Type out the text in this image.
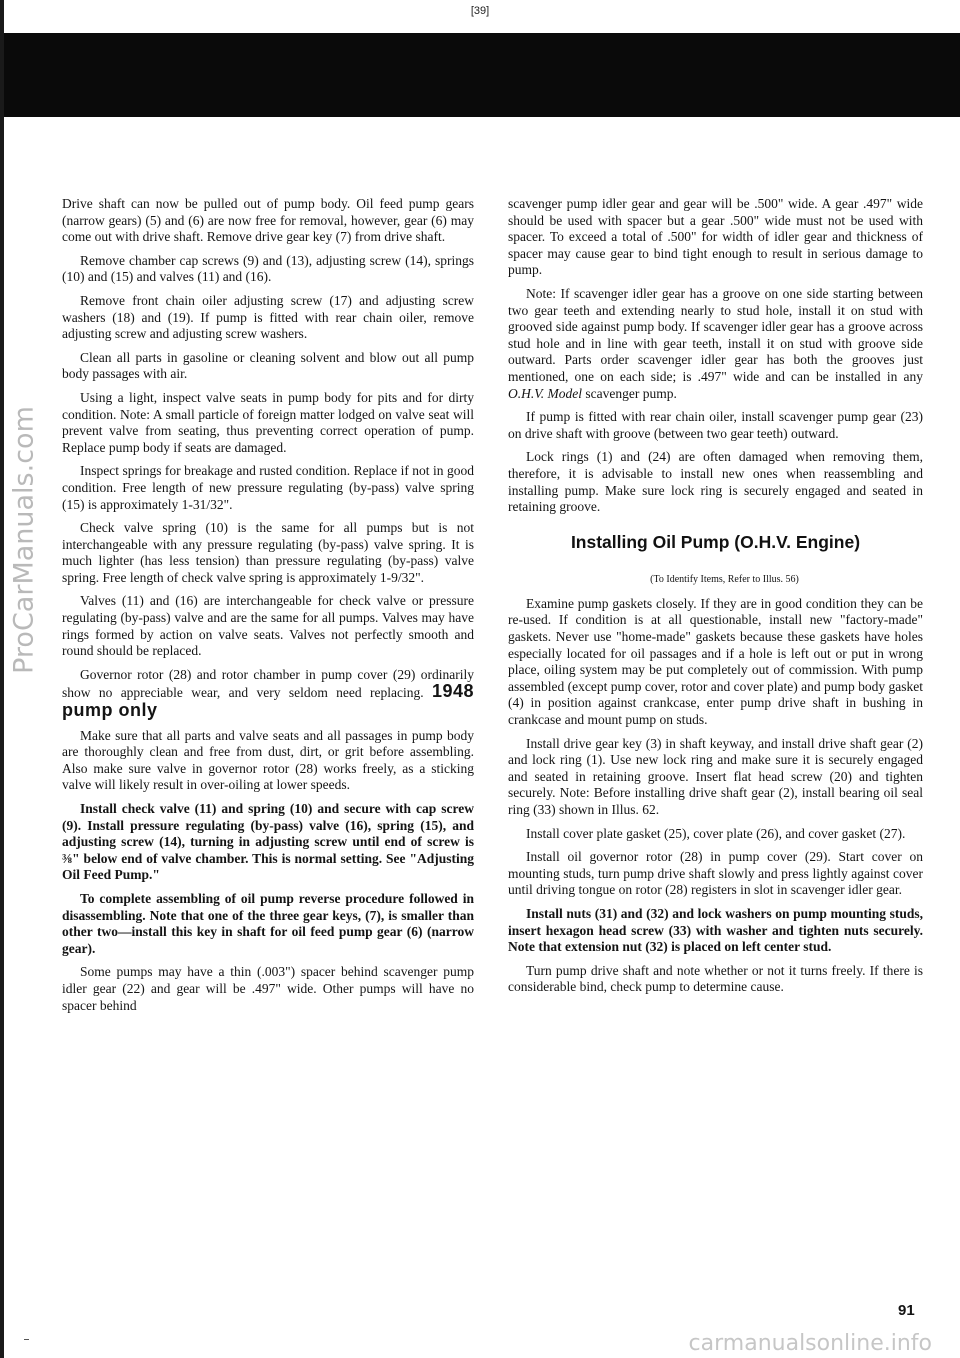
[39]
ProCarManuals.com

Drive shaft can now be pulled out of pump body. Oil feed pump gears (narrow gears) (5) and (6) are now free for removal, however, gear (6) may come out with drive shaft. Remove drive gear key (7) from drive shaft.

Remove chamber cap screws (9) and (13), adjusting screw (14), springs (10) and (15) and valves (11) and (16).

Remove front chain oiler adjusting screw (17) and adjusting screw washers (18) and (19). If pump is fitted with rear chain oiler, remove adjusting screw and adjusting screw washers.

Clean all parts in gasoline or cleaning solvent and blow out all pump body passages with air.

Using a light, inspect valve seats in pump body for pits and for dirty condition. Note: A small particle of foreign matter lodged on valve seat will prevent valve from seating, thus preventing correct operation of pump. Replace pump body if seats are damaged.

Inspect springs for breakage and rusted condition. Replace if not in good condition. Free length of new pressure regulating (by-pass) valve spring (15) is approximately 1-31/32".

Check valve spring (10) is the same for all pumps but is not interchangeable with any pressure regulating (by-pass) valve spring. It is much lighter (has less tension) than pressure regulating (by-pass) valve spring. Free length of check valve spring is approximately 1-9/32".

Valves (11) and (16) are interchangeable for check valve or pressure regulating (by-pass) valve and are the same for all pumps. Valves may have rings formed by action on valve seats. Valves not perfectly smooth and round should be replaced.

Governor rotor (28) and rotor chamber in pump cover (29) ordinarily show no appreciable wear, and very seldom need replacing. 1948 pump only

Make sure that all parts and valve seats and all passages in pump body are thoroughly clean and free from dust, dirt, or grit before assembling. Also make sure valve in governor rotor (28) works freely, as a sticking valve will likely result in over-oiling at lower speeds.

Install check valve (11) and spring (10) and secure with cap screw (9). Install pressure regulating (by-pass) valve (16), spring (15), and adjusting screw (14), turning in adjusting screw until end of screw is ⅜" below end of valve chamber. This is normal setting. See "Adjusting Oil Feed Pump."

To complete assembling of oil pump reverse procedure followed in disassembling. Note that one of the three gear keys, (7), is smaller than other two—install this key in shaft for oil feed pump gear (6) (narrow gear).

Some pumps may have a thin (.003") spacer behind scavenger pump idler gear (22) and gear will be .497" wide. Other pumps will have no spacer behind

scavenger pump idler gear and gear will be .500" wide. A gear .497" wide should be used with spacer but a gear .500" wide must not be used with spacer. To exceed a total of .500" for width of idler gear and thickness of spacer may cause gear to bind tight enough to result in serious damage to pump.

Note: If scavenger idler gear has a groove on one side starting between two gear teeth and extending nearly to stud hole, install it on stud with grooved side against pump body. If scavenger idler gear has a groove across stud hole and in line with gear teeth, install it on stud with groove side outward. Parts order scavenger idler gear has both the grooves just mentioned, one on each side; is .497" wide and can be installed in any O.H.V. Model scavenger pump.

If pump is fitted with rear chain oiler, install scavenger pump gear (23) on drive shaft with groove (between two gear teeth) outward.

Lock rings (1) and (24) are often damaged when removing them, therefore, it is advisable to install new ones when reassembling and installing pump. Make sure lock ring is securely engaged and seated in retaining groove.

Installing Oil Pump (O.H.V. Engine)

(To Identify Items, Refer to Illus. 56)

Examine pump gaskets closely. If they are in good condition they can be re-used. If condition is at all questionable, install new "factory-made" gaskets. Never use "home-made" gaskets because these gaskets have holes especially located for oil passages and if a hole is left out or put in wrong place, oiling system may be put completely out of commission. With pump assembled (except pump cover, rotor and cover plate) and pump body gasket (4) in position against crankcase, enter pump drive shaft in bushing in crankcase and mount pump on studs.

Install drive gear key (3) in shaft keyway, and install drive shaft gear (2) and lock ring (1). Use new lock ring and make sure it is securely engaged and seated in retaining groove. Insert flat head screw (20) and tighten securely. Note: Before installing drive shaft gear (2), install bearing oil seal ring (33) shown in Illus. 62.

Install cover plate gasket (25), cover plate (26), and cover gasket (27).

Install oil governor rotor (28) in pump cover (29). Start cover on mounting studs, turn pump drive shaft slowly and press lightly against cover until driving tongue on rotor (28) registers in slot in scavenger idler gear.

Install nuts (31) and (32) and lock washers on pump mounting studs, insert hexagon head screw (33) with washer and tighten nuts securely. Note that extension nut (32) is placed on left center stud.

Turn pump drive shaft and note whether or not it turns freely. If there is considerable bind, check pump to determine cause.

91
carmanualsonline.info
